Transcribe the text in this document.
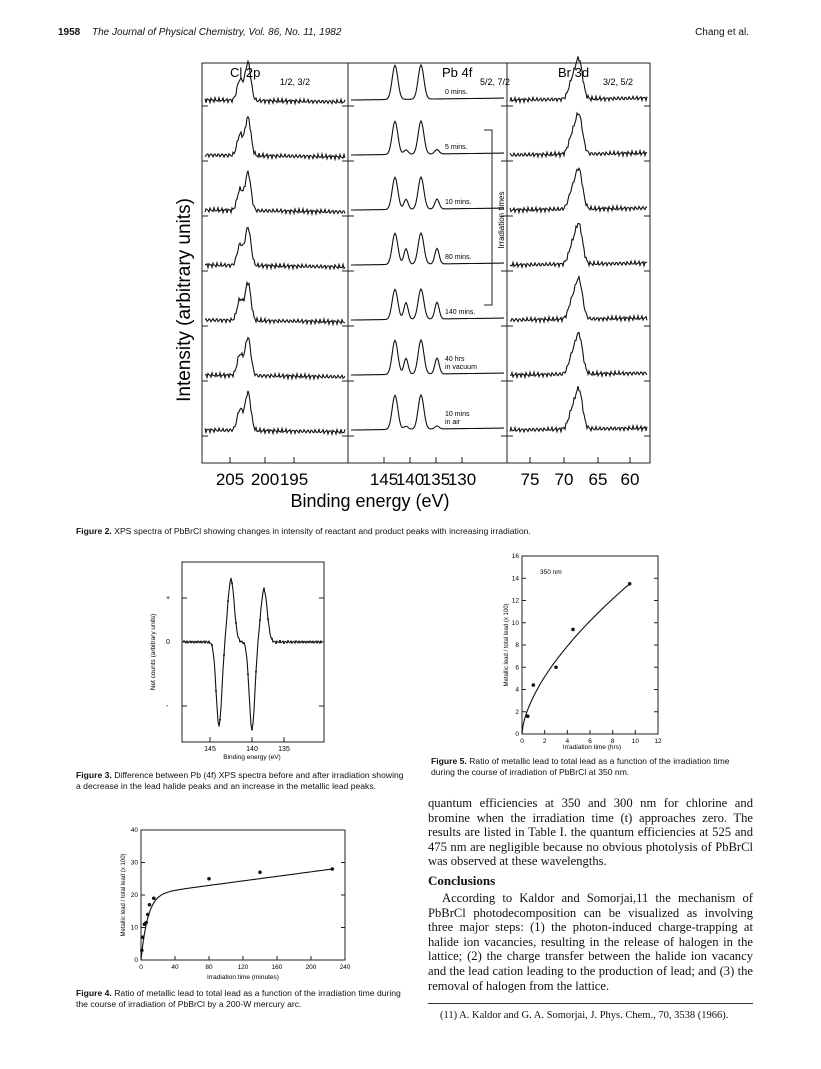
1958 The Journal of Physical Chemistry, Vol. 86, No. 11, 1982	Chang et al.
Intensity (arbitrary units)
Cl 2p
1/2, 3/2
Pb 4f
5/2, 7/2
Br 3d
3/2, 5/2
0 mins.
5 mins.
10 mins.
80 mins.
140 mins.
40 hrs
in vacuum
10 mins
in air
Irradiation times
205 200 195	145
140
135
130	75 70 65 60
Binding energy (eV)
Figure 2. XPS spectra of PbBrCl showing changes in intensity of reactant and product peaks with increasing irradiation.
+
0
-
Net counts (arbitrary units)
145	140	135
Binding energy (eV)
Figure 3. Difference between Pb (4f) XPS spectra before and after irradiation showing a decrease in the lead halide peaks and an increase in the metallic lead peaks.
0
10
20
30
40
0	40	80	120	160	200	240
Metallic lead / total lead (x 100)
Irradiation time (minutes)
Figure 4. Ratio of metallic lead to total lead as a function of the irradiation time during the course of irradiation of PbBrCl by a 200-W mercury arc.
0
2
4
6
8
10
12
14
16
0	2	4	6	8	10 12
350 nm
Metallic lead / total lead (x 100)
Irradiation time (hrs)
Figure 5. Ratio of metallic lead to total lead as a function of the irradiation time during the course of irradiation of PbBrCl at 350 nm.
quantum efficiencies at 350 and 300 nm for chlorine and bromine when the irradiation time (t) approaches zero. The results are listed in Table I. the quantum efficiencies at 525 and 475 nm are negligible because no obvious photolysis of PbBrCl was observed at these wavelengths.
Conclusions
According to Kaldor and Somorjai,11 the mechanism of PbBrCl photodecomposition can be visualized as involving three major steps: (1) the photon-induced charge-trapping at halide ion vacancies, resulting in the release of halogen in the lattice; (2) the charge transfer between the halide ion vacancy and the lead cation leading to the production of lead; and (3) the removal of halogen from the lattice.
(11) A. Kaldor and G. A. Somorjai, J. Phys. Chem., 70, 3538 (1966).
